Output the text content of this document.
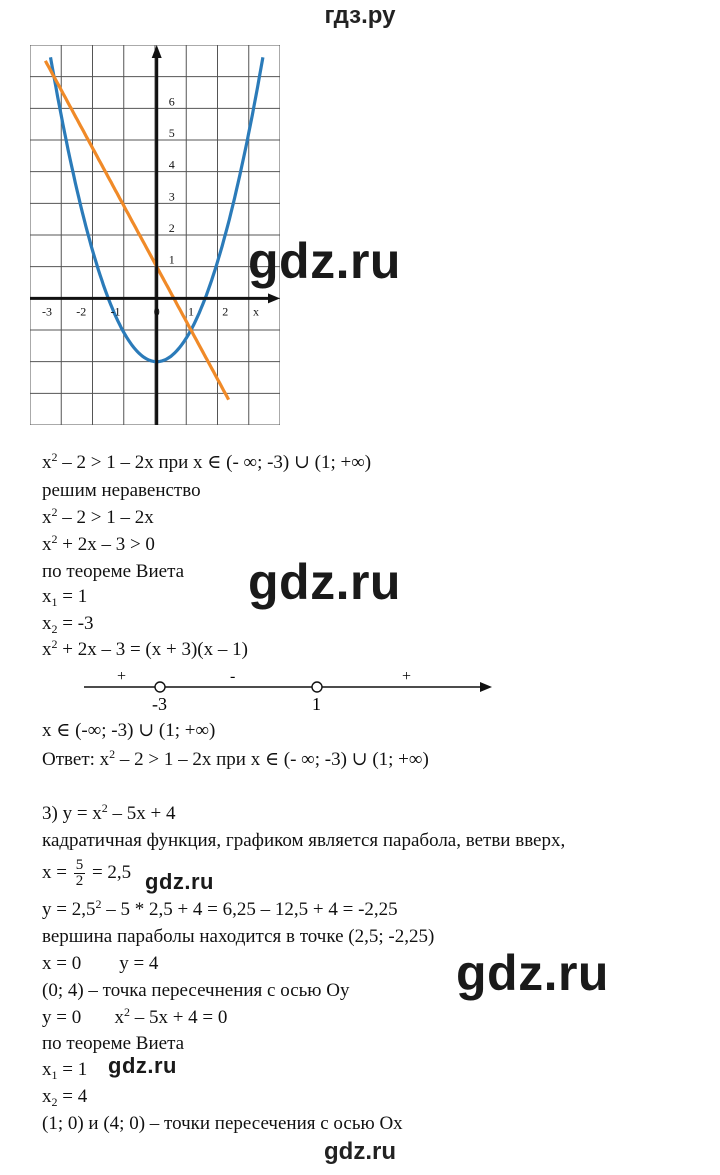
гдз.ру
-3 -2 -1	0 1 2 x
1
2
3
4
5
6
gdz.ru
gdz.ru
gdz.ru
gdz.ru
gdz.ru
$x^2 - 2 > 1 - 2x$ при x ∈ (- ∞; -3) ∪ (1; +∞)
решим неравенство
$x^2 - 2 > 1 - 2x$
$x^2 + 2x - 3 > 0$
по теореме Виета
$x_1 = 1$
$x_2 = -3$
$x^2 + 2x - 3 = (x + 3)(x - 1)$
+	-	+
-3	1
x ∈ (-∞; -3) ∪ (1; +∞)
Ответ: $x^2 - 2 > 1 - 2x$ при x ∈ (- ∞; -3) ∪ (1; +∞)
3) $y = x^2 - 5x + 4$
кадратичная функция, графиком является парабола, ветви вверх,
$x = \frac{5}{2} = 2,5$
$y = 2,5^2 - 5 * 2,5 + 4 = 6,25 - 12,5 + 4 = -2,25$
вершина параболы находится в точке (2,5; -2,25)
x = 0        y = 4
(0; 4) – точка пересечнения с осью Oy
y = 0       $x^2 - 5x + 4 = 0$
по теореме Виета
$x_1 = 1$
$x_2 = 4$
(1; 0) и (4; 0) – точки пересечения с осью Ox
gdz.ru
